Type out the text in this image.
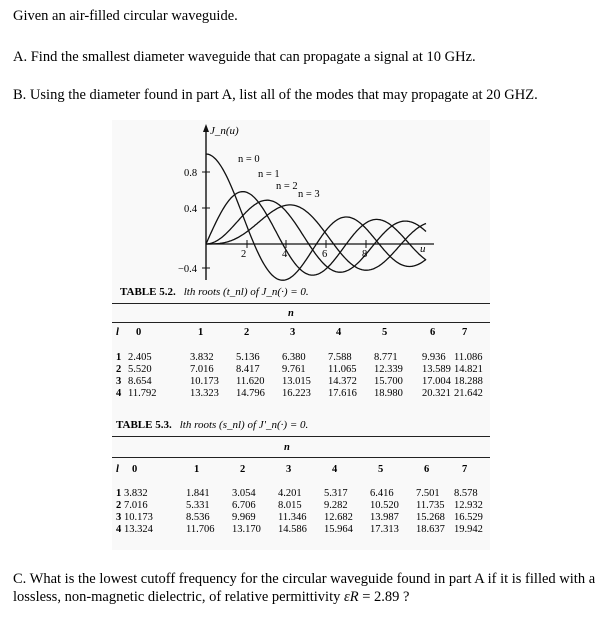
Given an air-filled circular waveguide.
A. Find the smallest diameter waveguide that can propagate a signal at 10 GHz.
B. Using the diameter found in part A, list all of the modes that may propagate at 20 GHZ.
J_n(u)
0.8
0.4
−0.4
2	4	6	8	u
n = 0
n = 1
n = 2
n = 3
TABLE 5.2. lth roots (t_nl) of J_n(·) = 0.
n
l 0	1	2	3	4	5	6	7
1 2.405	3.832 5.136 6.380 7.588 8.771 9.936 11.086
2 5.520	7.016 8.417 9.761 11.065 12.339 13.589 14.821
3 8.654	10.173 11.620 13.015 14.372 15.700 17.004 18.288
4 11.792	13.323 14.796 16.223 17.616 18.980 20.321 21.642
TABLE 5.3. lth roots (s_nl) of J'_n(·) = 0.
n
l 0	1	2	3	4	5	6	7
1 3.832	1.841 3.054 4.201 5.317 6.416 7.501 8.578
2 7.016	5.331 6.706 8.015 9.282 10.520 11.735 12.932
3 10.173	8.536 9.969 11.346 12.682 13.987 15.268 16.529
4 13.324	11.706 13.170 14.586 15.964 17.313 18.637 19.942
C. What is the lowest cutoff frequency for the circular waveguide found in part A if it is filled with a lossless, non-magnetic dielectric, of relative permittivity εR = 2.89 ?
